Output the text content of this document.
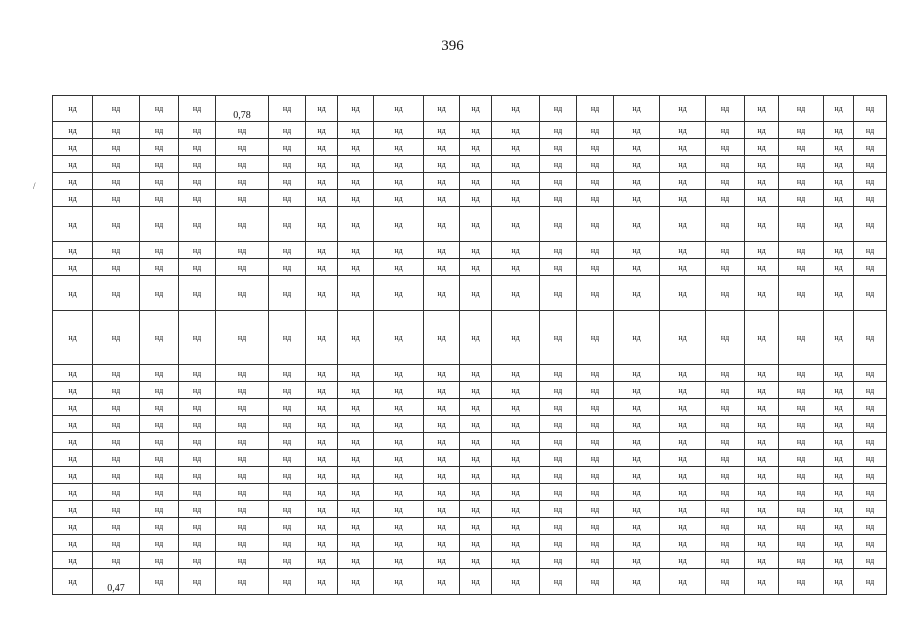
396
/
нд	нд	нд	нд	0,78	нд	нд	нд	нд	нд	нд	нд	нд	нд	нд	нд	нд	нд	нд	нд	нд
нд	нд	нд	нд	нд	нд	нд	нд	нд	нд	нд	нд	нд	нд	нд	нд	нд	нд	нд	нд	нд
нд	нд	нд	нд	нд	нд	нд	нд	нд	нд	нд	нд	нд	нд	нд	нд	нд	нд	нд	нд	нд
нд	нд	нд	нд	нд	нд	нд	нд	нд	нд	нд	нд	нд	нд	нд	нд	нд	нд	нд	нд	нд
нд	нд	нд	нд	нд	нд	нд	нд	нд	нд	нд	нд	нд	нд	нд	нд	нд	нд	нд	нд	нд
нд	нд	нд	нд	нд	нд	нд	нд	нд	нд	нд	нд	нд	нд	нд	нд	нд	нд	нд	нд	нд
нд	нд	нд	нд	нд	нд	нд	нд	нд	нд	нд	нд	нд	нд	нд	нд	нд	нд	нд	нд	нд
нд	нд	нд	нд	нд	нд	нд	нд	нд	нд	нд	нд	нд	нд	нд	нд	нд	нд	нд	нд	нд
нд	нд	нд	нд	нд	нд	нд	нд	нд	нд	нд	нд	нд	нд	нд	нд	нд	нд	нд	нд	нд
нд	нд	нд	нд	нд	нд	нд	нд	нд	нд	нд	нд	нд	нд	нд	нд	нд	нд	нд	нд	нд
нд	нд	нд	нд	нд	нд	нд	нд	нд	нд	нд	нд	нд	нд	нд	нд	нд	нд	нд	нд	нд
нд	нд	нд	нд	нд	нд	нд	нд	нд	нд	нд	нд	нд	нд	нд	нд	нд	нд	нд	нд	нд
нд	нд	нд	нд	нд	нд	нд	нд	нд	нд	нд	нд	нд	нд	нд	нд	нд	нд	нд	нд	нд
нд	нд	нд	нд	нд	нд	нд	нд	нд	нд	нд	нд	нд	нд	нд	нд	нд	нд	нд	нд	нд
нд	нд	нд	нд	нд	нд	нд	нд	нд	нд	нд	нд	нд	нд	нд	нд	нд	нд	нд	нд	нд
нд	нд	нд	нд	нд	нд	нд	нд	нд	нд	нд	нд	нд	нд	нд	нд	нд	нд	нд	нд	нд
нд	нд	нд	нд	нд	нд	нд	нд	нд	нд	нд	нд	нд	нд	нд	нд	нд	нд	нд	нд	нд
нд	нд	нд	нд	нд	нд	нд	нд	нд	нд	нд	нд	нд	нд	нд	нд	нд	нд	нд	нд	нд
нд	нд	нд	нд	нд	нд	нд	нд	нд	нд	нд	нд	нд	нд	нд	нд	нд	нд	нд	нд	нд
нд	нд	нд	нд	нд	нд	нд	нд	нд	нд	нд	нд	нд	нд	нд	нд	нд	нд	нд	нд	нд
нд	нд	нд	нд	нд	нд	нд	нд	нд	нд	нд	нд	нд	нд	нд	нд	нд	нд	нд	нд	нд
нд	нд	нд	нд	нд	нд	нд	нд	нд	нд	нд	нд	нд	нд	нд	нд	нд	нд	нд	нд	нд
нд	нд	нд	нд	нд	нд	нд	нд	нд	нд	нд	нд	нд	нд	нд	нд	нд	нд	нд	нд	нд
нд	0,47	нд	нд	нд	нд	нд	нд	нд	нд	нд	нд	нд	нд	нд	нд	нд	нд	нд	нд	нд
